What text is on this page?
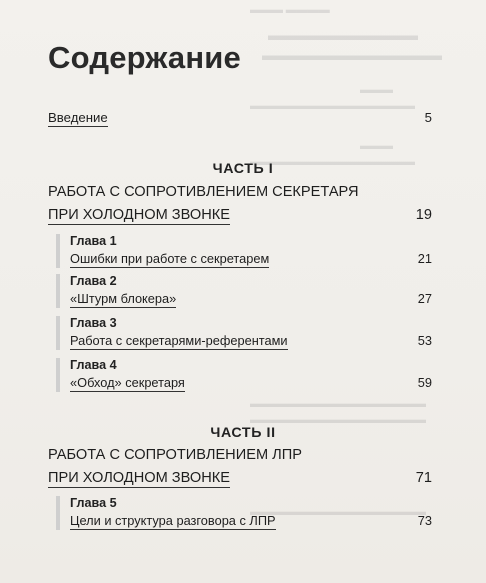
▬▬▬ ▬▬▬▬
▬▬▬▬▬▬▬▬▬▬
▬▬▬▬▬▬▬▬▬▬▬▬
▬▬▬
▬▬▬▬▬▬▬▬▬▬▬▬▬▬▬
▬▬▬
▬▬▬▬▬▬▬▬▬▬▬▬▬▬▬
▬▬▬▬▬▬▬▬▬▬▬▬▬▬▬▬
▬▬▬▬▬▬▬▬▬▬▬▬▬▬▬▬
▬▬▬▬▬▬▬▬▬▬▬▬▬▬▬▬
Содержание
Введение	5
ЧАСТЬ I
РАБОТА С СОПРОТИВЛЕНИЕМ СЕКРЕТАРЯ
ПРИ ХОЛОДНОМ ЗВОНКЕ	19
Глава 1
Ошибки при работе с секретарем	21
Глава 2
«Штурм блокера»	27
Глава 3
Работа с секретарями-референтами	53
Глава 4
«Обход» секретаря	59
ЧАСТЬ II
РАБОТА С СОПРОТИВЛЕНИЕМ ЛПР
ПРИ ХОЛОДНОМ ЗВОНКЕ	71
Глава 5
Цели и структура разговора с ЛПР	73
